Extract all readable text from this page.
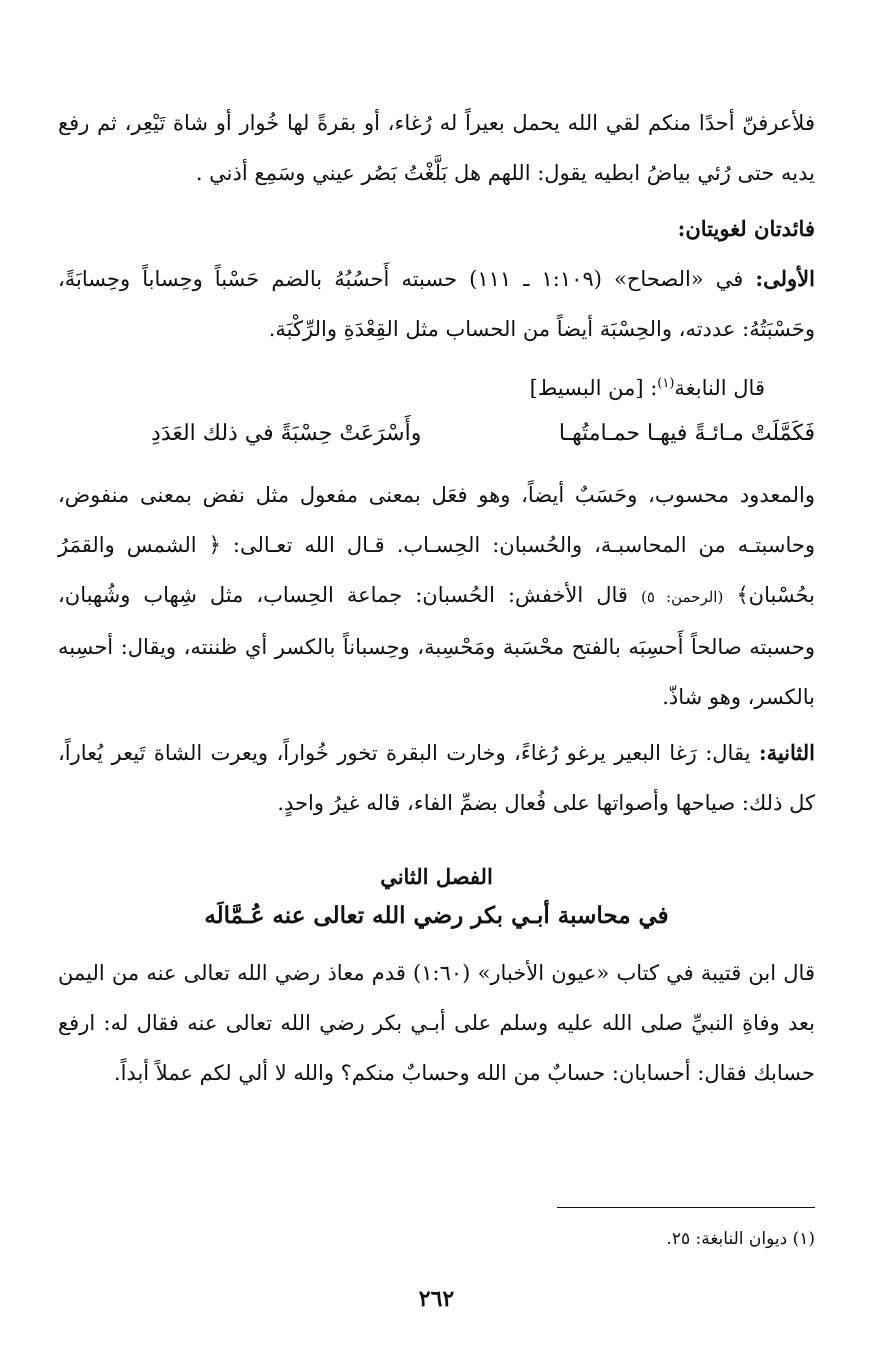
فلأعرفنّ أحدًا منكم لقي الله يحمل بعيراً له رُغاء، أو بقرةً لها خُوار أو شاة تَيْعِر، ثم رفع يديه حتى رُئي بياضُ ابطيه يقول: اللهم هل بَلَّغْتُ بَصُر عيني وسَمِع أذني .

فائدتان لغويتان:

الأولى: في «الصحاح» (١:١٠٩ ـ ١١١) حسبته أَحسُبُهُ بالضم حَسْباً وحِساباً وحِسابَةً، وحَسْبَتُهُ: عددته، والحِسْبَة أيضاً من الحساب مثل القِعْدَةِ والرِّكْبَة.

قال النابغة$^{(١)}$: [من البسيط]

فَكَمَّلَتْ مـائـةً فيهـا حمـامتُهـا
وأَسْرَعَتْ حِسْبَةً في ذلك العَدَدِ

والمعدود محسوب، وحَسَبٌ أيضاً، وهو فعَل بمعنى مفعول مثل نفض بمعنى منفوض، وحاسبتـه من المحاسبـة، والحُسبان: الحِسـاب. قـال الله تعـالى: ﴿ الشمس والقمَرُ بحُسْبان﴾ (الرحمن: ٥) قال الأخفش: الحُسبان: جماعة الحِساب، مثل شِهاب وشُهبان، وحسبته صالحاً أَحسِبَه بالفتح محْسَبة ومَحْسِبة، وحِسباناً بالكسر أي ظننته، ويقال: أحسِبه بالكسر، وهو شاذّ.

الثانية: يقال: رَغا البعير يرغو رُغاءً، وخارت البقرة تخور خُواراً، ويعرت الشاة تَيعر يُعاراً، كل ذلك: صياحها وأصواتها على فُعال بضمِّ الفاء، قاله غيرُ واحدٍ.

الفصل الثاني

في محاسبة أبـي بكر رضي الله تعالى عنه عُـمَّالَه

قال ابن قتيبة في كتاب «عيون الأخبار» (١:٦٠) قدم معاذ رضي الله تعالى عنه من اليمن بعد وفاةِ النبيِّ صلى الله عليه وسلم على أبـي بكر رضي الله تعالى عنه فقال له: ارفع حسابك فقال: أحسابان: حسابٌ من الله وحسابٌ منكم؟ والله لا ألي لكم عملاً أبداً.

(١) ديوان النابغة: ٢٥.

٢٦٢
